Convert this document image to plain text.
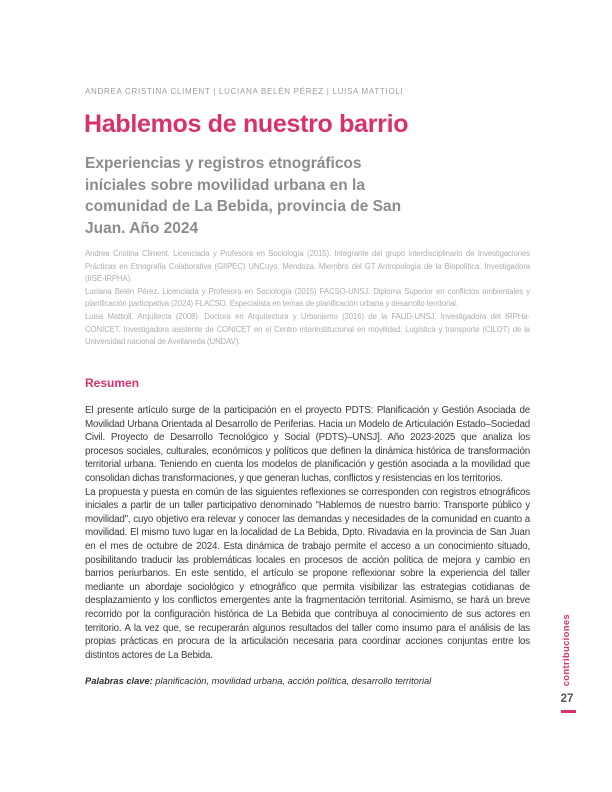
ANDREA CRISTINA CLIMENT | LUCIANA BELÉN PÉREZ | LUISA MATTIOLI
Hablemos de nuestro barrio
Experiencias y registros etnográficos
iníciales sobre movilidad urbana en la
comunidad de La Bebida, provincia de San
Juan. Año 2024

Andrea Cristina Climent. Licenciada y Profesora en Sociología (2015). Integrante del grupo interdisciplinario de Investigaciones Prácticas en Etnografía Colaborativa (GIIPEC) UNCuyo. Mendoza. Miembro del GT Antropología de la Biopolítica. Investigadora (IISE-IRPHA).

Luciana Belén Pérez. Licenciada y Profesora en Sociología (2015) FACSO-UNSJ. Diploma Superior en conflictos ambientales y planificación participativa (2024) FLACSO. Especialista en temas de planificación urbana y desarrollo territorial.

Luisa Mattioli. Arquitecta (2008). Doctora en Arquitectura y Urbanismo (2016) de la FAUD-UNSJ. Investigadora del IRPHa-CONICET. Investigadora asistente de CONICET en el Centro interinstitucional en movilidad, Logística y transporte (CILOT) de la Universidad nacional de Avellaneda (UNDAV).

Resumen

El presente artículo surge de la participación en el proyecto PDTS: Planificación y Gestión Asociada de Movilidad Urbana Orientada al Desarrollo de Periferias. Hacia un Modelo de Articulación Estado–Sociedad Civil. Proyecto de Desarrollo Tecnológico y Social (PDTS)–UNSJ]. Año 2023-2025 que analiza los procesos sociales, culturales, económicos y políticos que definen la dinámica histórica de transformación territorial urbana. Teniendo en cuenta los modelos de planificación y gestión asociada a la movilidad que consolidan dichas transformaciones, y que generan luchas, conflictos y resistencias en los territorios.

La propuesta y puesta en común de las siguientes reflexiones se corresponden con registros etnográficos iniciales a partir de un taller participativo denominado "Hablemos de nuestro barrio: Transporte público y movilidad", cuyo objetivo era relevar y conocer las demandas y necesidades de la comunidad en cuanto a movilidad. El mismo tuvo lugar en la localidad de La Bebida, Dpto. Rivadavia en la provincia de San Juan en el mes de octubre de 2024. Esta dinámica de trabajo permite el acceso a un conocimiento situado, posibilitando traducir las problemáticas locales en procesos de acción política de mejora y cambio en barrios periurbanos. En este sentido, el artículo se propone reflexionar sobre la experiencia del taller mediante un abordaje sociológico y etnográfico que permita visibilizar las estrategias cotidianas de desplazamiento y los conflictos emergentes ante la fragmentación territorial. Asimismo, se hará un breve recorrido por la configuración histórica de La Bebida que contribuya al conocimiento de sus actores en territorio. A la vez que, se recuperarán algunos resultados del taller como insumo para el análisis de las propias prácticas en procura de la articulación necesaria para coordinar acciones conjuntas entre los distintos actores de La Bebida.

Palabras clave: planificación, movilidad urbana, acción política, desarrollo territorial	contribuciones
27
